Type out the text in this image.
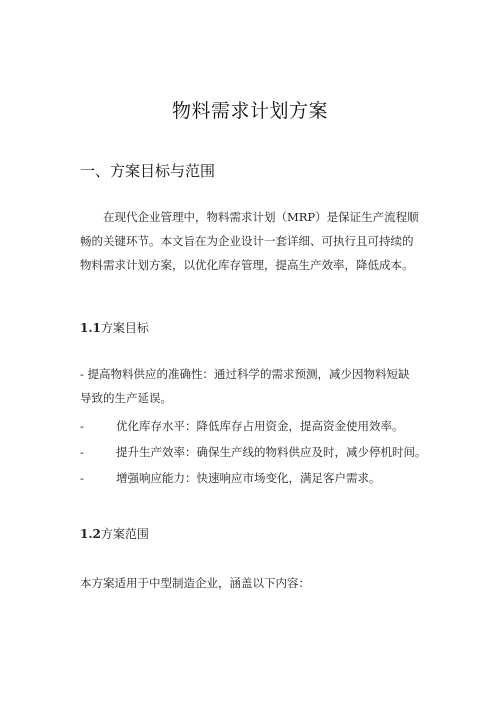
物料需求计划方案
一、方案目标与范围
在现代企业管理中，物料需求计划（MRP）是保证生产流程顺畅的关键环节。本文旨在为企业设计一套详细、可执行且可持续的物料需求计划方案，以优化库存管理，提高生产效率，降低成本。
1.1方案目标
- 提高物料供应的准确性：通过科学的需求预测，减少因物料短缺导致的生产延误。
-	优化库存水平：降低库存占用资金，提高资金使用效率。
-	提升生产效率：确保生产线的物料供应及时，减少停机时间。
-	增强响应能力：快速响应市场变化，满足客户需求。
1.2方案范围
本方案适用于中型制造企业，涵盖以下内容：
